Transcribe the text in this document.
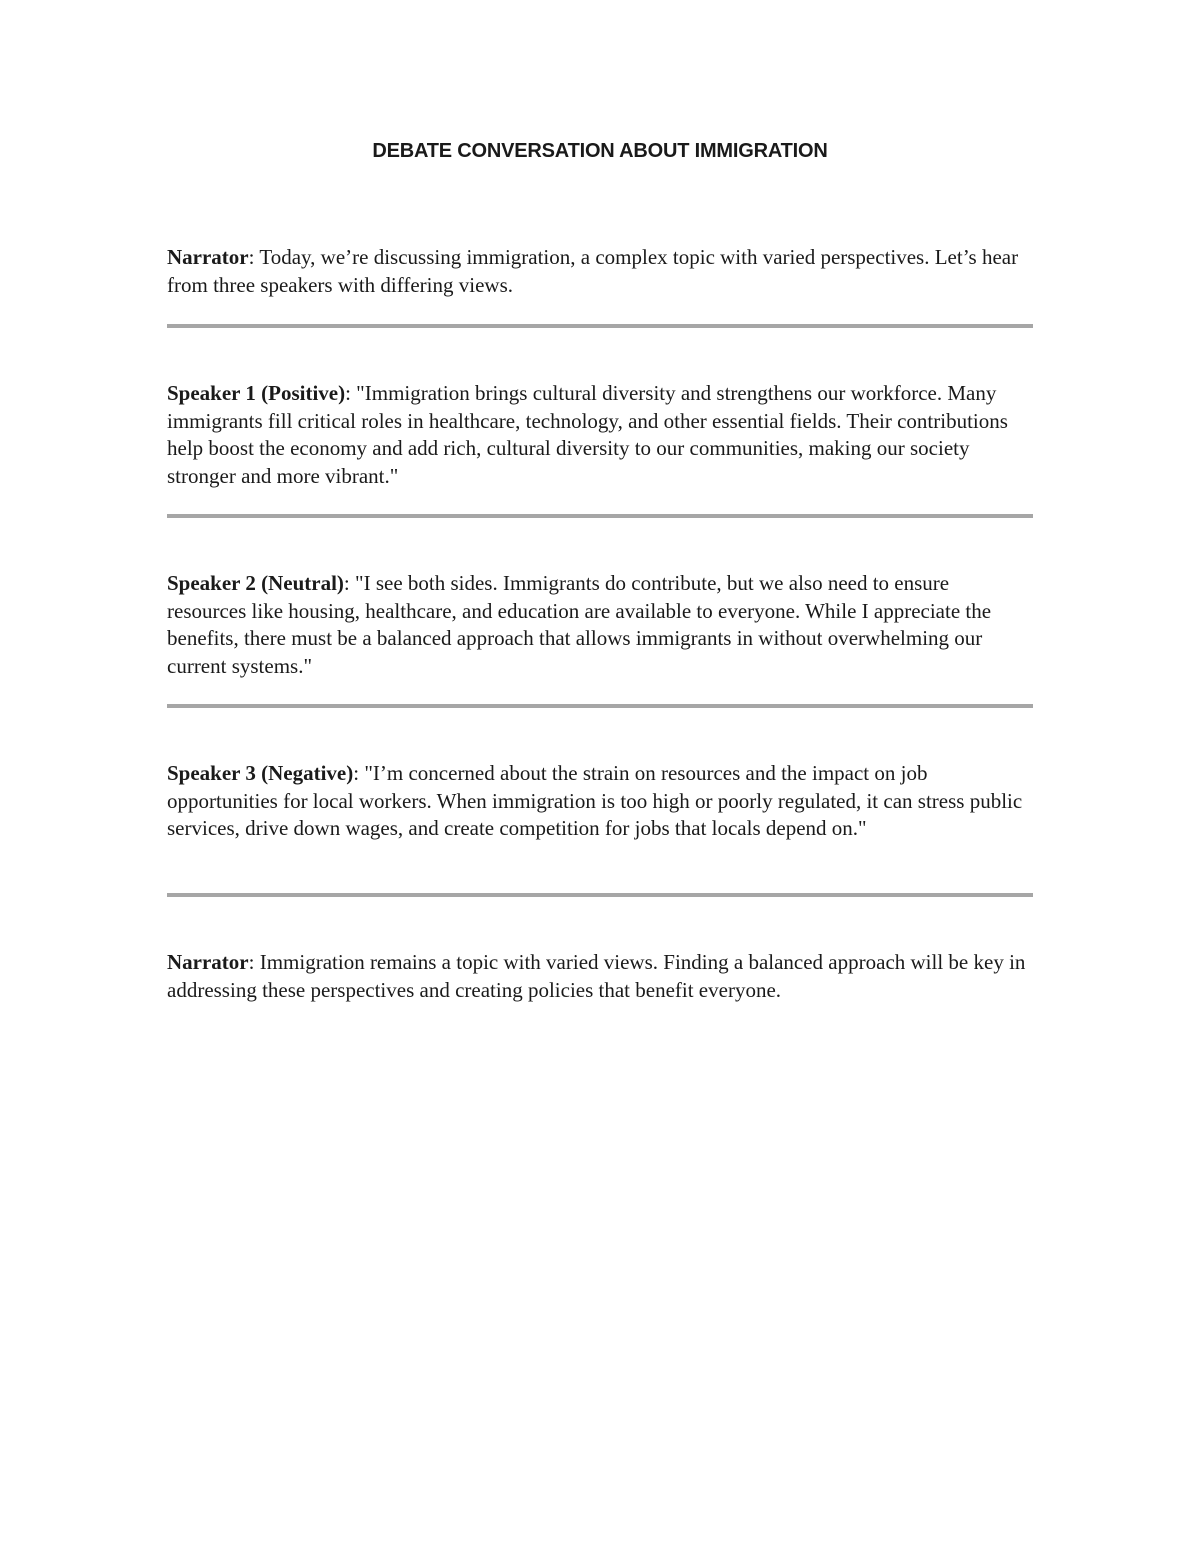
DEBATE CONVERSATION ABOUT IMMIGRATION

Narrator: Today, we’re discussing immigration, a complex topic with varied perspectives. Let’s hear from three speakers with differing views.

Speaker 1 (Positive): "Immigration brings cultural diversity and strengthens our workforce. Many immigrants fill critical roles in healthcare, technology, and other essential fields. Their contributions help boost the economy and add rich, cultural diversity to our communities, making our society stronger and more vibrant."

Speaker 2 (Neutral): "I see both sides. Immigrants do contribute, but we also need to ensure resources like housing, healthcare, and education are available to everyone. While I appreciate the benefits, there must be a balanced approach that allows immigrants in without overwhelming our current systems."

Speaker 3 (Negative): "I’m concerned about the strain on resources and the impact on job opportunities for local workers. When immigration is too high or poorly regulated, it can stress public services, drive down wages, and create competition for jobs that locals depend on."

Narrator: Immigration remains a topic with varied views. Finding a balanced approach will be key in addressing these perspectives and creating policies that benefit everyone.
